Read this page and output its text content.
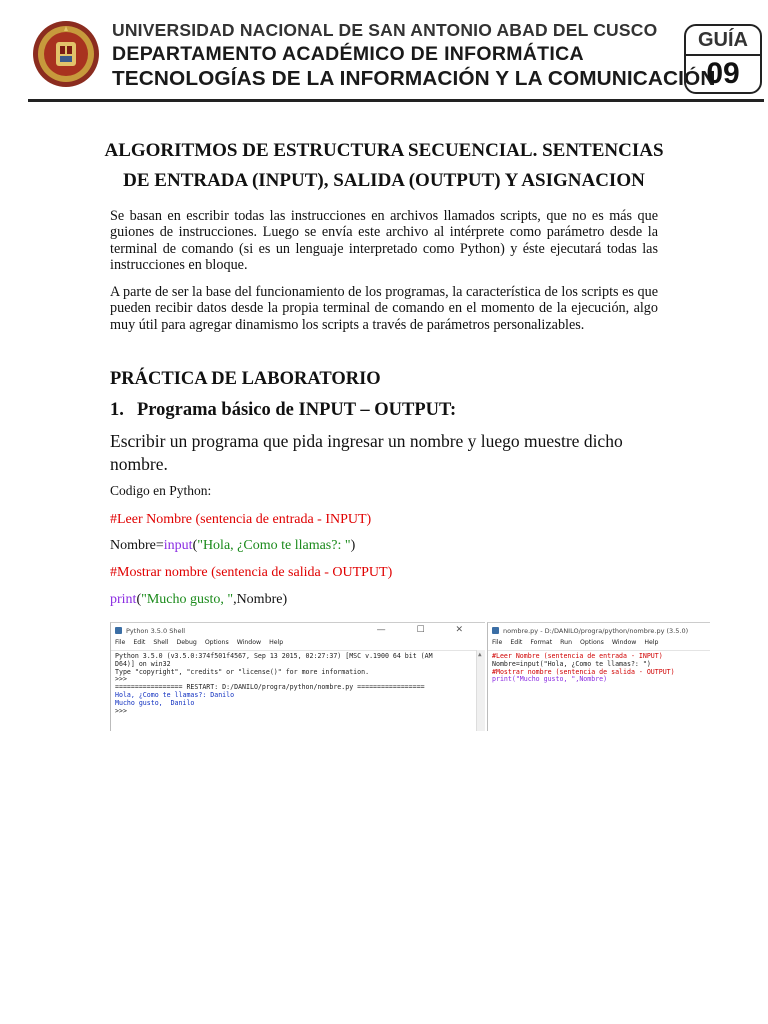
UNIVERSIDAD NACIONAL DE SAN ANTONIO ABAD DEL CUSCO
DEPARTAMENTO ACADÉMICO DE INFORMÁTICA
TECNOLOGÍAS DE LA INFORMACIÓN Y LA COMUNICACIÓN
GUÍA
09
ALGORITMOS DE ESTRUCTURA SECUENCIAL. SENTENCIAS
DE ENTRADA (INPUT), SALIDA (OUTPUT) Y ASIGNACION
Se basan en escribir todas las instrucciones en archivos llamados scripts, que no es más que guiones de instrucciones. Luego se envía este archivo al intérprete como parámetro desde la terminal de comando (si es un lenguaje interpretado como Python) y éste ejecutará todas las instrucciones en bloque.
A parte de ser la base del funcionamiento de los programas, la característica de los scripts es que pueden recibir datos desde la propia terminal de comando en el momento de la ejecución, algo muy útil para agregar dinamismo los scripts a través de parámetros personalizables.
PRÁCTICA DE LABORATORIO
1. Programa básico de INPUT – OUTPUT:
Escribir un programa que pida ingresar un nombre y luego muestre dicho nombre.
Codigo en Python:
#Leer Nombre (sentencia de entrada - INPUT)
Nombre=input("Hola, ¿Como te llamas?: ")
#Mostrar nombre (sentencia de salida - OUTPUT)
print("Mucho gusto, ",Nombre)
Python 3.5.0 Shell	— ☐ ✕
File Edit Shell Debug Options Window Help
Python 3.5.0 (v3.5.0:374f501f4567, Sep 13 2015, 02:27:37) [MSC v.1900 64 bit (AM
D64)] on win32
Type "copyright", "credits" or "license()" for more information.
>>>
================= RESTART: D:/DANILO/progra/python/nombre.py =================
Hola, ¿Como te llamas?: Danilo
Mucho gusto,  Danilo
>>>
▲
nombre.py - D:/DANILO/progra/python/nombre.py (3.5.0)
File Edit Format Run Options Window Help
#Leer Nombre (sentencia de entrada - INPUT)
Nombre=input("Hola, ¿Como te llamas?: ")
#Mostrar nombre (sentencia de salida - OUTPUT)
print("Mucho gusto, ",Nombre)
